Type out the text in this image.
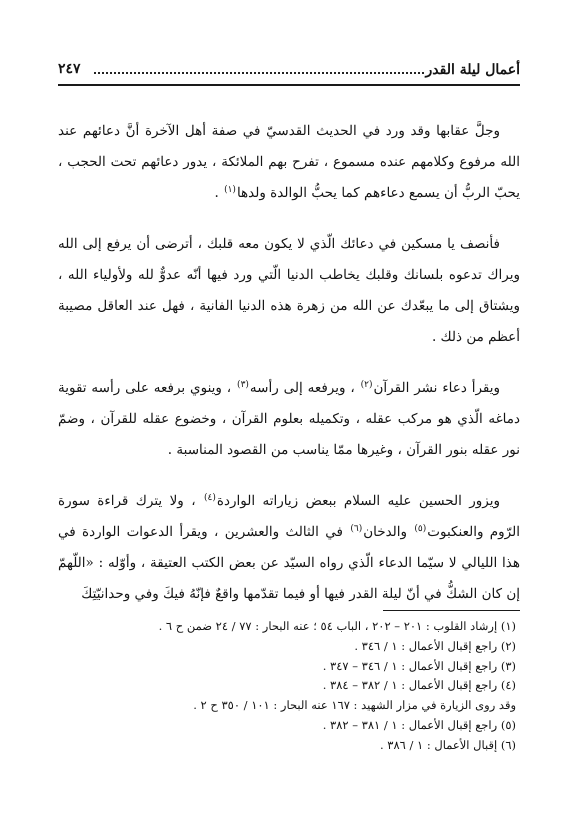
أعمال ليلة القدر
٢٤٧

وجلَّ عقابها وقد ورد في الحديث القدسيّ في صفة أهل الآخرة أنَّ دعائهم عند الله مرفوع وكلامهم عنده مسموع ، تفرح بهم الملائكة ، يدور دعائهم تحت الحجب ، يحبّ الربُّ أن يسمع دعاءهم كما يحبُّ الوالدة ولدها$^{(١)}$ .

فأنصف يا مسكين في دعائك الّذي لا يكون معه قلبك ، أترضى أن يرفع إلى الله ويراك تدعوه بلسانك وقلبك يخاطب الدنيا الّتي ورد فيها أنّه عدوٌّ لله ولأولياء الله ، ويشتاق إلى ما يبعّدك عن الله من زهرة هذه الدنيا الفانية ، فهل عند العاقل مصيبة أعظم من ذلك .

ويقرأ دعاء نشر القرآن$^{(٢)}$ ، ويرفعه إلى رأسه$^{(٣)}$ ، وينوي برفعه على رأسه تقوية دماغه الّذي هو مركب عقله ، وتكميله بعلوم القرآن ، وخضوع عقله للقرآن ، وضمّ نور عقله بنور القرآن ، وغيرها ممّا يناسب من القصود المناسبة .

ويزور الحسين عليه السلام ببعض زياراته الواردة$^{(٤)}$ ، ولا يترك قراءة سورة الرّوم والعنكبوت$^{(٥)}$ والدخان$^{(٦)}$ في الثالث والعشرين ، ويقرأ الدعوات الواردة في هذا الليالي لا سيّما الدعاء الّذي رواه السيّد عن بعض الكتب العتيقة ، وأوّله : «اللّهمّ إن كان الشكُّ في أنّ ليلة القدر فيها أو فيما تقدّمها واقعٌ فإنّهُ فيكَ وفي وحدانيّتِكَ

(١) إرشاد القلوب : ٢٠١ – ٢٠٢ ، الباب ٥٤ ؛ عنه البحار : ٧٧ / ٢٤ ضمن ح ٦ .
(٢) راجع إقبال الأعمال : ١ / ٣٤٦ .
(٣) راجع إقبال الأعمال : ١ / ٣٤٦ – ٣٤٧ .
(٤) راجع إقبال الأعمال : ١ / ٣٨٢ – ٣٨٤ .
وقد روى الزيارة في مزار الشهيد : ١٦٧ عنه البحار : ١٠١ / ٣٥٠ ح ٢ .
(٥) راجع إقبال الأعمال : ١ / ٣٨١ – ٣٨٢ .
(٦) إقبال الأعمال : ١ / ٣٨٦ .
